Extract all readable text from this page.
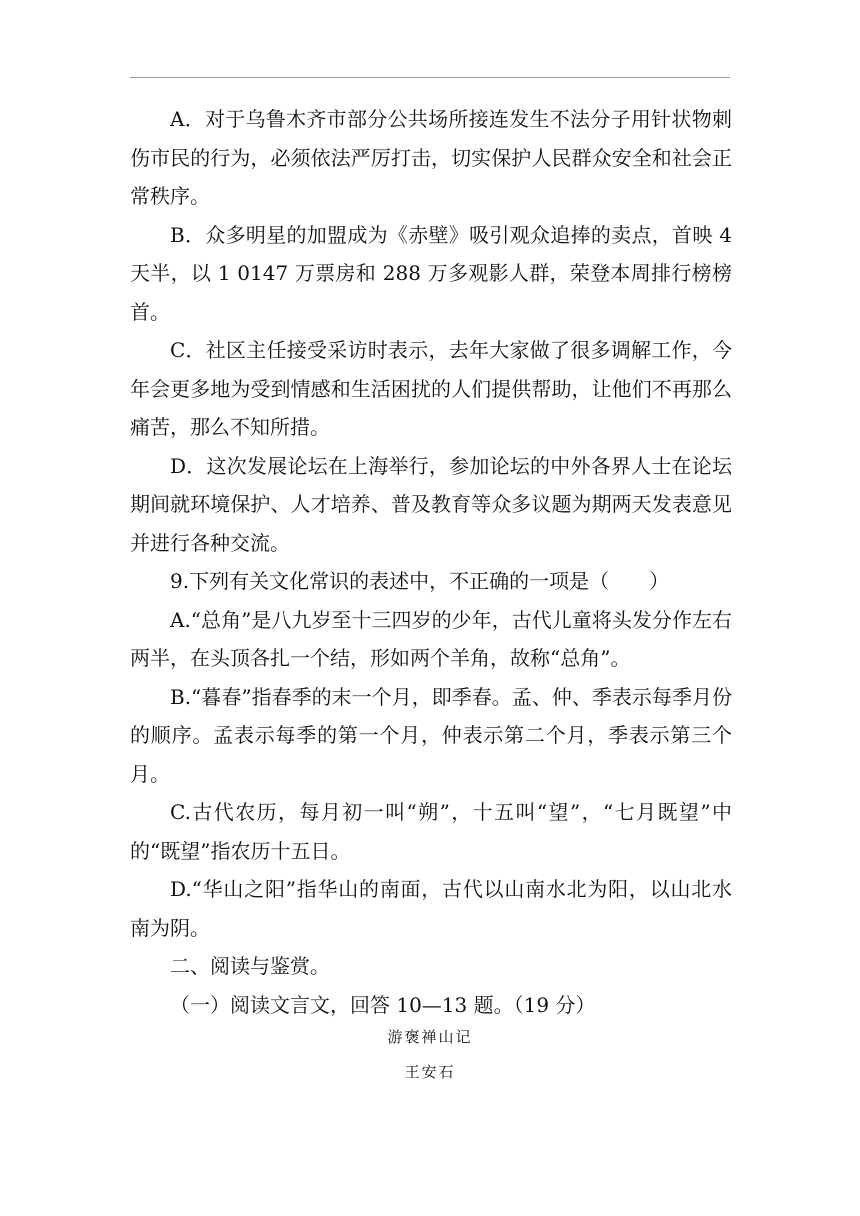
A．对于乌鲁木齐市部分公共场所接连发生不法分子用针状物刺伤市民的行为，必须依法严厉打击，切实保护人民群众安全和社会正常秩序。

B．众多明星的加盟成为《赤壁》吸引观众追捧的卖点，首映 4天半，以 1 0147 万票房和 288 万多观影人群，荣登本周排行榜榜首。

C．社区主任接受采访时表示，去年大家做了很多调解工作，今年会更多地为受到情感和生活困扰的人们提供帮助，让他们不再那么痛苦，那么不知所措。

D．这次发展论坛在上海举行，参加论坛的中外各界人士在论坛期间就环境保护、人才培养、普及教育等众多议题为期两天发表意见并进行各种交流。

9.下列有关文化常识的表述中，不正确的一项是（　　）

A.“总角”是八九岁至十三四岁的少年，古代儿童将头发分作左右两半，在头顶各扎一个结，形如两个羊角，故称“总角”。

B.“暮春”指春季的末一个月，即季春。孟、仲、季表示每季月份的顺序。孟表示每季的第一个月，仲表示第二个月，季表示第三个月。

C.古代农历，每月初一叫“朔”，十五叫“望”，“七月既望”中的“既望”指农历十五日。

D.“华山之阳”指华山的南面，古代以山南水北为阳，以山北水南为阴。

二、阅读与鉴赏。

（一）阅读文言文，回答 10—13 题。（19 分）

游褒禅山记
王安石
